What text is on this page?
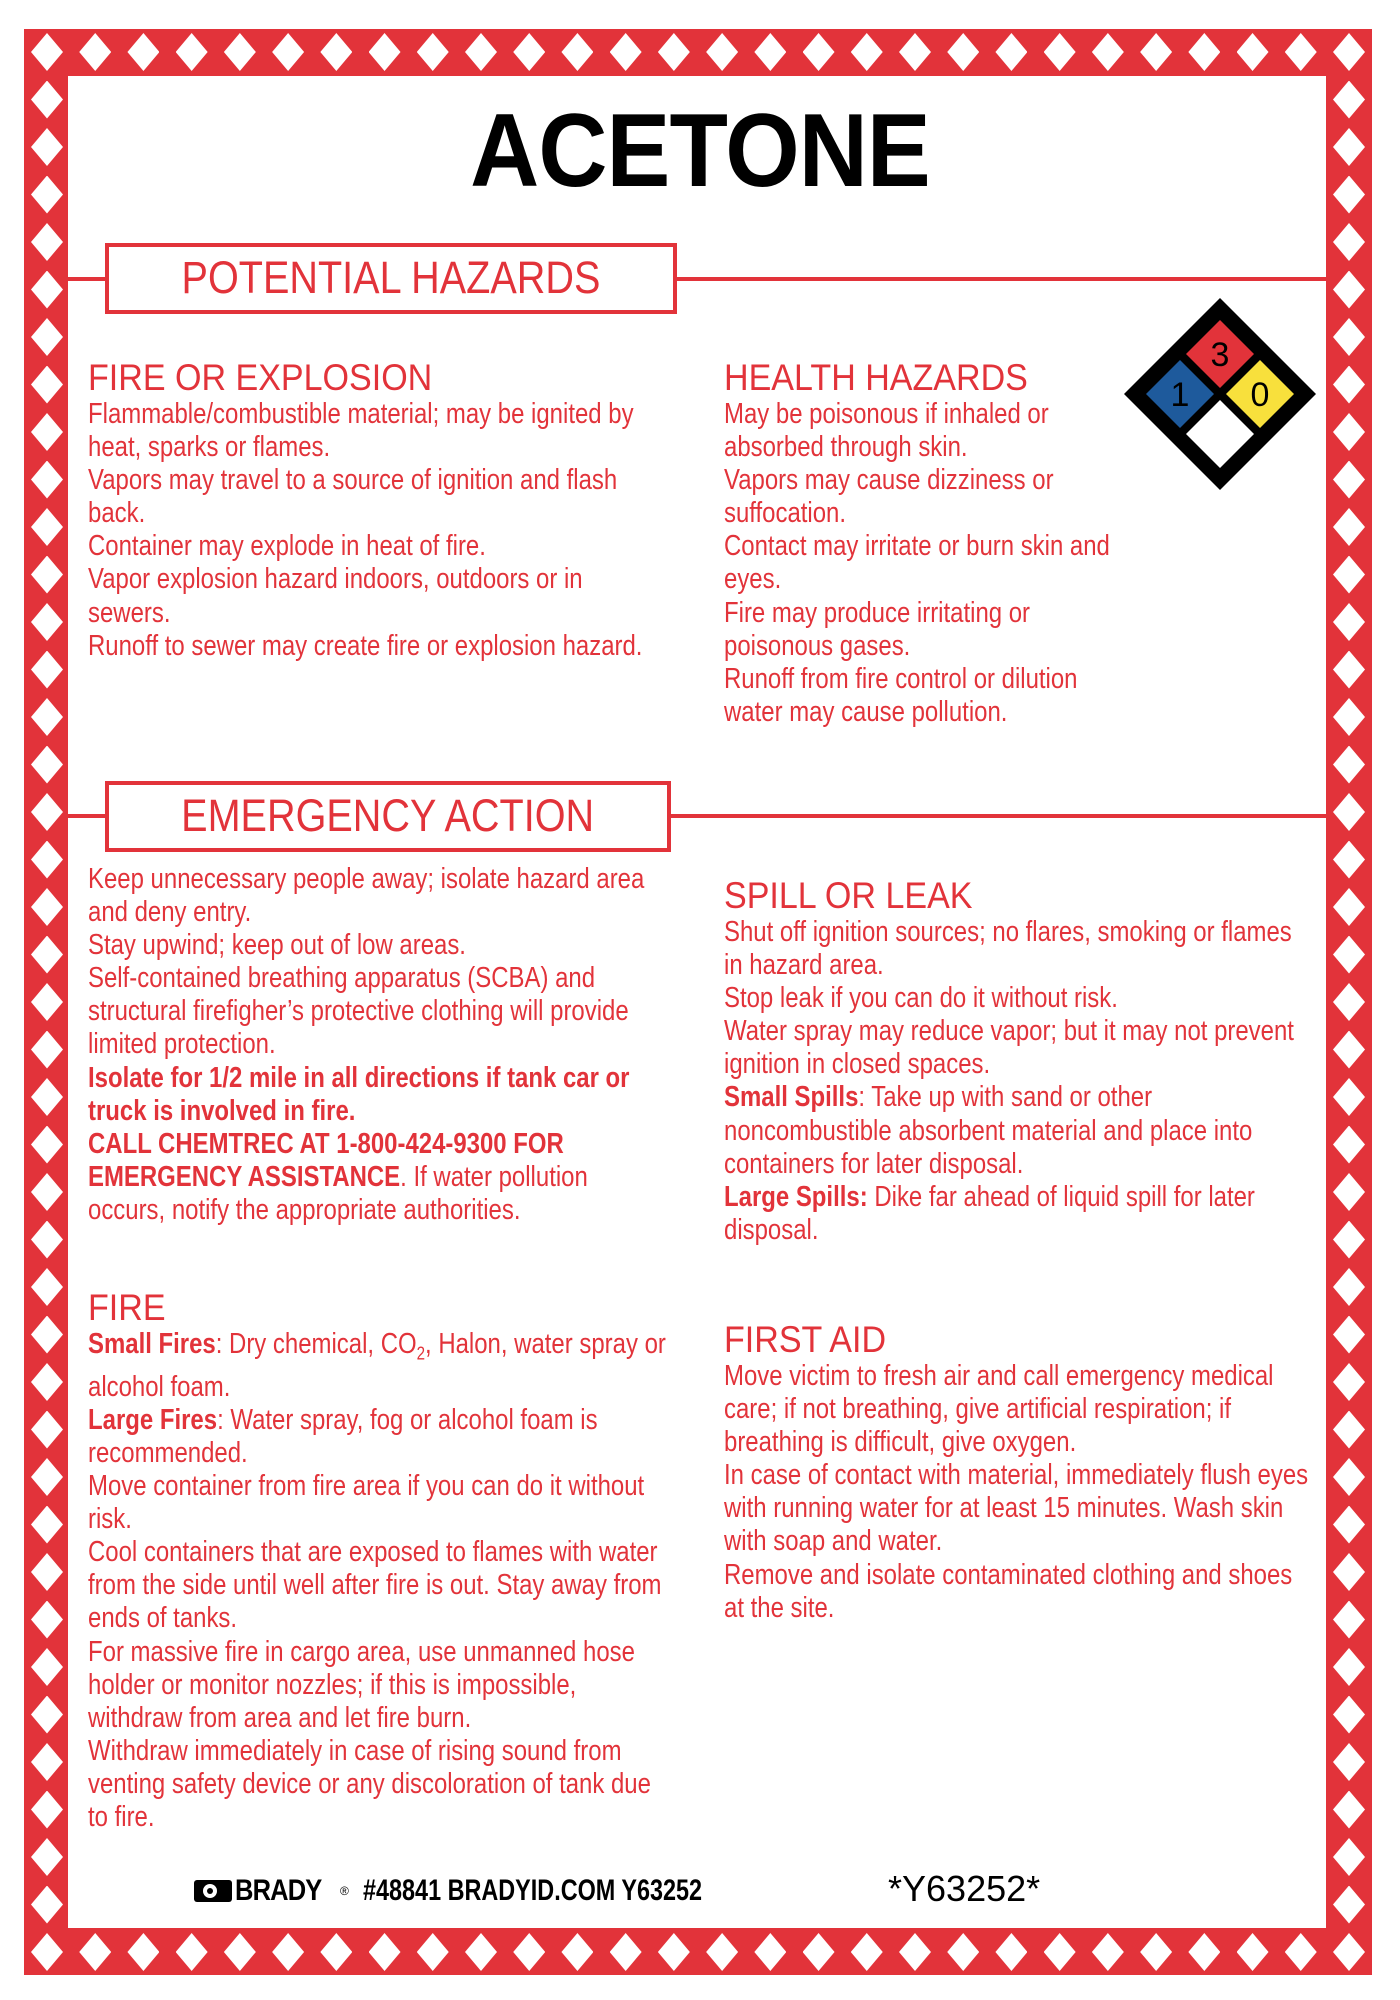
ACETONE
POTENTIAL HAZARDS
3
1 0
FIRE OR EXPLOSION

Flammable/combustible material; may be ignited by heat, sparks or flames.

Vapors may travel to a source of ignition and flash back.

Container may explode in heat of fire.

Vapor explosion hazard indoors, outdoors or in sewers.

Runoff to sewer may create fire or explosion hazard.

HEALTH HAZARDS

May be poisonous if inhaled or absorbed through skin.

Vapors may cause dizziness or suffocation.

Contact may irritate or burn skin and eyes.

Fire may produce irritating or poisonous gases.

Runoff from fire control or dilution water may cause pollution.

EMERGENCY ACTION

Keep unnecessary people away; isolate hazard area and deny entry.

Stay upwind; keep out of low areas.

Self-contained breathing apparatus (SCBA) and structural firefigher’s protective clothing will provide limited protection.

Isolate for 1/2 mile in all directions if tank car or truck is involved in fire.

CALL CHEMTREC AT 1-800-424-9300 FOR EMERGENCY ASSISTANCE. If water pollution occurs, notify the appropriate authorities.

SPILL OR LEAK

Shut off ignition sources; no flares, smoking or flames in hazard area.

Stop leak if you can do it without risk.

Water spray may reduce vapor; but it may not prevent ignition in closed spaces.

Small Spills: Take up with sand or other noncombustible absorbent material and place into containers for later disposal.

Large Spills: Dike far ahead of liquid spill for later disposal.

FIRE

Small Fires: Dry chemical, $CO_2$, Halon, water spray or alcohol foam.

Large Fires: Water spray, fog or alcohol foam is recommended.

Move container from fire area if you can do it without risk.

Cool containers that are exposed to flames with water from the side until well after fire is out. Stay away from ends of tanks.

For massive fire in cargo area, use unmanned hose holder or monitor nozzles; if this is impossible, withdraw from area and let fire burn.

Withdraw immediately in case of rising sound from venting safety device or any discoloration of tank due to fire.

FIRST AID

Move victim to fresh air and call emergency medical care; if not breathing, give artificial respiration; if breathing is difficult, give oxygen.

In case of contact with material, immediately flush eyes with running water for at least 15 minutes. Wash skin with soap and water.

Remove and isolate contaminated clothing and shoes at the site.

BRADY ® #48841 BRADYID.COM Y63252	*Y63252*
